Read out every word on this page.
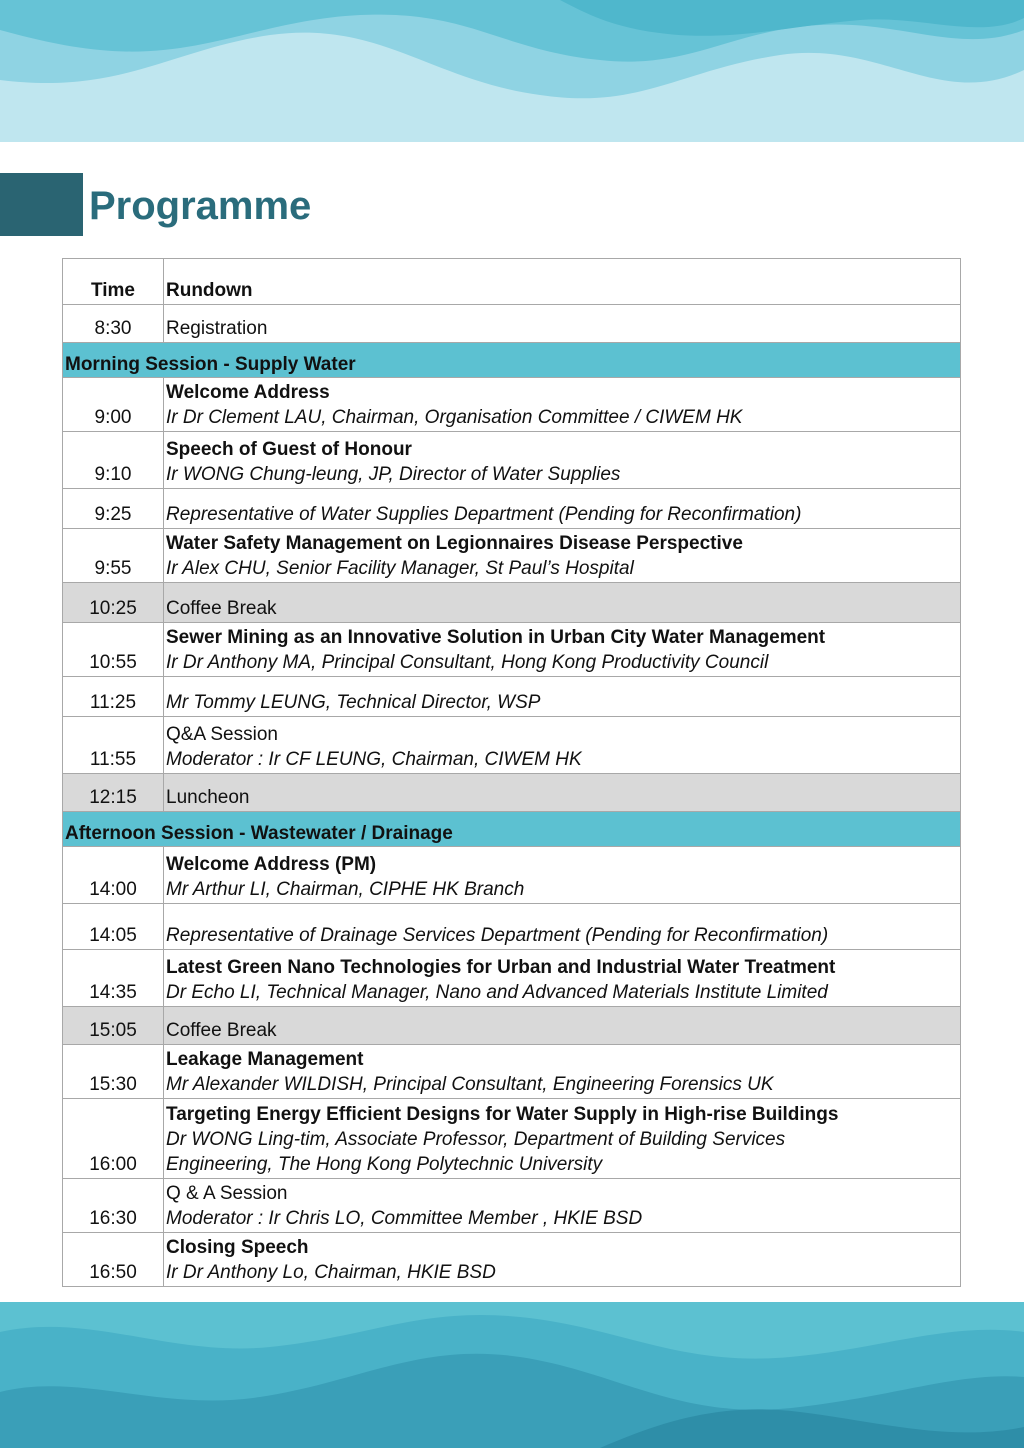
Programme
Time	Rundown
8:30	Registration

Morning Session - Supply Water	
9:00	Welcome Address
Ir Dr Clement LAU, Chairman, Organisation Committee / CIWEM HK

9:10	Speech of Guest of Honour
Ir WONG Chung-leung, JP, Director of Water Supplies

9:25	Representative of Water Supplies Department (Pending for Reconfirmation)

9:55	Water Safety Management on Legionnaires Disease Perspective
Ir Alex CHU, Senior Facility Manager, St Paul’s Hospital

10:25	Coffee Break

10:55	Sewer Mining as an Innovative Solution in Urban City Water Management
Ir Dr Anthony MA, Principal Consultant, Hong Kong Productivity Council

11:25	Mr Tommy LEUNG, Technical Director, WSP

11:55	Q&A Session
Moderator : Ir CF LEUNG, Chairman, CIWEM HK

12:15	Luncheon

Afternoon Session - Wastewater / Drainage	
14:00	Welcome Address (PM)
Mr Arthur LI, Chairman, CIPHE HK Branch

14:05	Representative of Drainage Services Department (Pending for Reconfirmation)

14:35	Latest Green Nano Technologies for Urban and Industrial Water Treatment
Dr Echo LI, Technical Manager, Nano and Advanced Materials Institute Limited

15:05	Coffee Break

15:30	Leakage Management
Mr Alexander WILDISH, Principal Consultant, Engineering Forensics UK

16:00	Targeting Energy Efficient Designs for Water Supply in High-rise Buildings
Dr WONG Ling-tim, Associate Professor, Department of Building Services
Engineering, The Hong Kong Polytechnic University

16:30	Q & A Session
Moderator : Ir Chris LO, Committee Member , HKIE BSD

16:50	Closing Speech
Ir Dr Anthony Lo, Chairman, HKIE BSD
